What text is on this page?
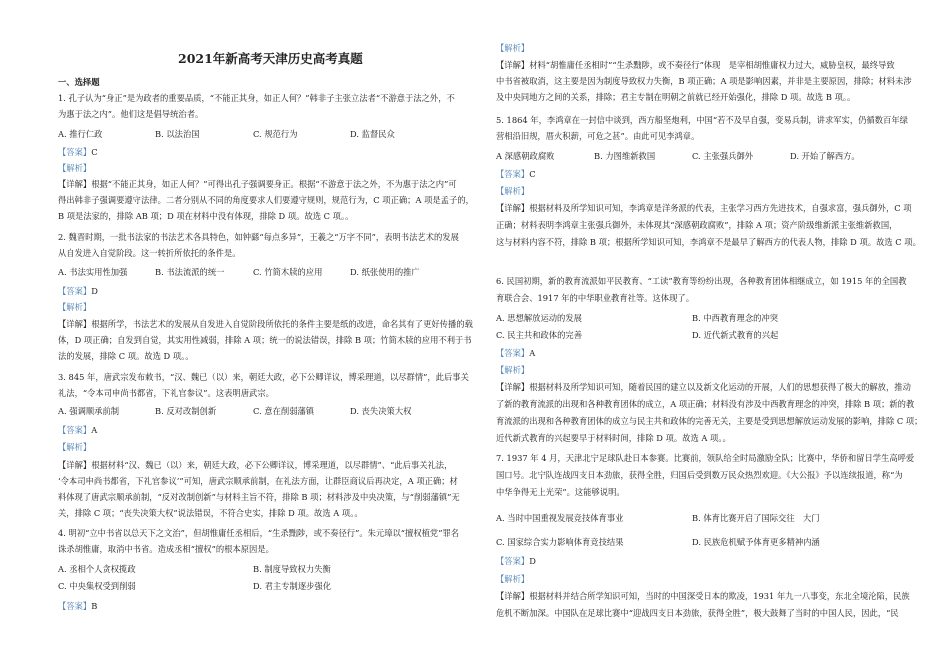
2021年新高考天津历史高考真题
一、选择题
1. 孔子认为“身正”是为政者的重要品质，“不能正其身，如正人何？”韩非子主张立法者“不游意于法之外，不
为惠于法之内”。他们这是倡导统治者。
A. 推行仁政	B. 以法治国	C. 规范行为	D. 监督民众
【答案】C
【解析】
【详解】根据“不能正其身，如正人何？”可得出孔子强调要身正。根据“不游意于法之外，不为惠于法之内”可
得出韩非子强调要遵守法律。二者分别从不同的角度要求人们要遵守规则，规范行为，C 项正确；A 项是孟子的，
B 项是法家的，排除 AB 项；D 项在材料中没有体现，排除 D 项。故选 C 项。。
2. 魏晋时期，一批书法家的书法艺术各具特色，如钟繇“每点多异”，王羲之“万字不同”，表明书法艺术的发展
从自发进入自觉阶段。这一转折所依托的条件是。
A. 书法实用性加强	B. 书法流派的统一	C. 竹简木牍的应用	D. 纸张使用的推广
【答案】D
【解析】
【详解】根据所学，书法艺术的发展从自发进入自觉阶段所依托的条件主要是纸的改进，命名其有了更好传播的载
体，D 项正确；自发到自觉，其实用性减弱，排除 A 项；统一的说法错误，排除 B 项；竹简木牍的应用不利于书
法的发展，排除 C 项。故选 D 项。。
3. 845 年，唐武宗发布敕书，“汉、魏已（以）来，朝廷大政，必下公卿详议，博采理道，以尽群情”，此后事关
礼法，“令本司申尚书都省，下礼官参议”。这表明唐武宗。
A. 强调顺承前制	B. 反对改制创新	C. 意在削弱藩镇	D. 丧失决策大权
【答案】A
【解析】
【详解】根据材料“汉、魏已（以）来，朝廷大政，必下公卿详议，博采理道，以尽群情”、“此后事关礼法，
‘令本司申尚书都省，下礼官参议’”可知，唐武宗顺承前制，在礼法方面，让群臣商议后再决定，A 项正确；材
料体现了唐武宗顺承前制，“反对改制创新”与材料主旨不符，排除 B 项；材料涉及中央决策，与“削弱藩镇”无
关，排除 C 项；“丧失决策大权”说法错误，不符合史实，排除 D 项。故选 A 项。。
4. 明初“立中书省以总天下之文治”，但胡惟庸任丞相后，“生杀黜陟，或不奏径行”。朱元璋以“擅权植党”罪名
诛杀胡惟庸，取消中书省。造成丞相“擅权”的根本原因是。
A. 丞相个人贪权揽政	B. 制度导致权力失衡
C. 中央集权受到削弱	D. 君主专制逐步强化
【答案】B
【解析】
【详解】材料“胡惟庸任丞相时”“生杀黜陟，或不奏径行”体现　是宰相胡惟庸权力过大，威胁皇权，最终导致
中书省被取消，这主要是因为制度导致权力失衡，B 项正确；A 项是影响因素，并非是主要原因，排除；材料未涉
及中央同地方之间的关系，排除；君主专制在明朝之前就已经开始强化，排除 D 项。故选 B 项。。
5. 1864 年，李鸿章在一封信中谈到，西方船坚炮利，中国“若不及早自强，变易兵制，讲求军实，仍循数百年绿
营相沿旧规，厝火积薪，可危之甚”。由此可见李鸿章。
A 深感朝政腐败	B. 力图维新救国	C. 主张强兵御外	D. 开始了解西方。
【答案】C
【解析】
【详解】根据材料及所学知识可知，李鸿章是洋务派的代表，主张学习西方先进技术，自强求富，强兵御外，C 项
正确；材料表明李鸿章主张强兵御外，未体现其“深感朝政腐败”，排除 A 项；资产阶级维新派主张维新救国，
这与材料内容不符，排除 B 项；根据所学知识可知，李鸿章不是最早了解西方的代表人物，排除 D 项。故选 C 项。
6. 民国初期，新的教育流派如平民教育、“工读”教育等纷纷出现，各种教育团体相继成立，如 1915 年的全国教
育联合会、1917 年的中华职业教育社等。这体现了。
A. 思想解放运动的发展	B. 中西教育理念的冲突
C. 民主共和政体的完善	D. 近代新式教育的兴起
【答案】A
【解析】
【详解】根据材料及所学知识可知，随着民国的建立以及新文化运动的开展，人们的思想获得了极大的解放，推动
了新的教育流派的出现和各种教育团体的成立，A 项正确；材料没有涉及中西教育理念的冲突，排除 B 项；新的教
育流派的出现和各种教育团体的成立与民主共和政体的完善无关，主要是受到思想解放运动发展的影响，排除 C 项；
近代新式教育的兴起要早于材料时间，排除 D 项。故选 A 项。。
7. 1937 年 4 月，天津北宁足球队赴日本参赛。比赛前，领队给全时局激励全队；比赛中，华侨和留日学生高呼爱
国口号。北宁队连战四支日本劲旅，获得全胜，归国后受到数万民众热烈欢迎。《大公报》予以连续报道，称“为
中华争得无上光荣”。这能够说明。
A. 当时中国重视发展竞技体育事业	B. 体育比赛开启了国际交往　大门
C. 国家综合实力影响体育竞技结果	D. 民族危机赋予体育更多精神内涵
【答案】D
【解析】
【详解】根据材料并结合所学知识可知，当时的中国深受日本的欺凌，1931 年九一八事变，东北全境沦陷，民族
危机不断加深。中国队在足球比赛中“迎战四支日本劲旅，获得全胜”，极大鼓舞了当时的中国人民，因此，“民
